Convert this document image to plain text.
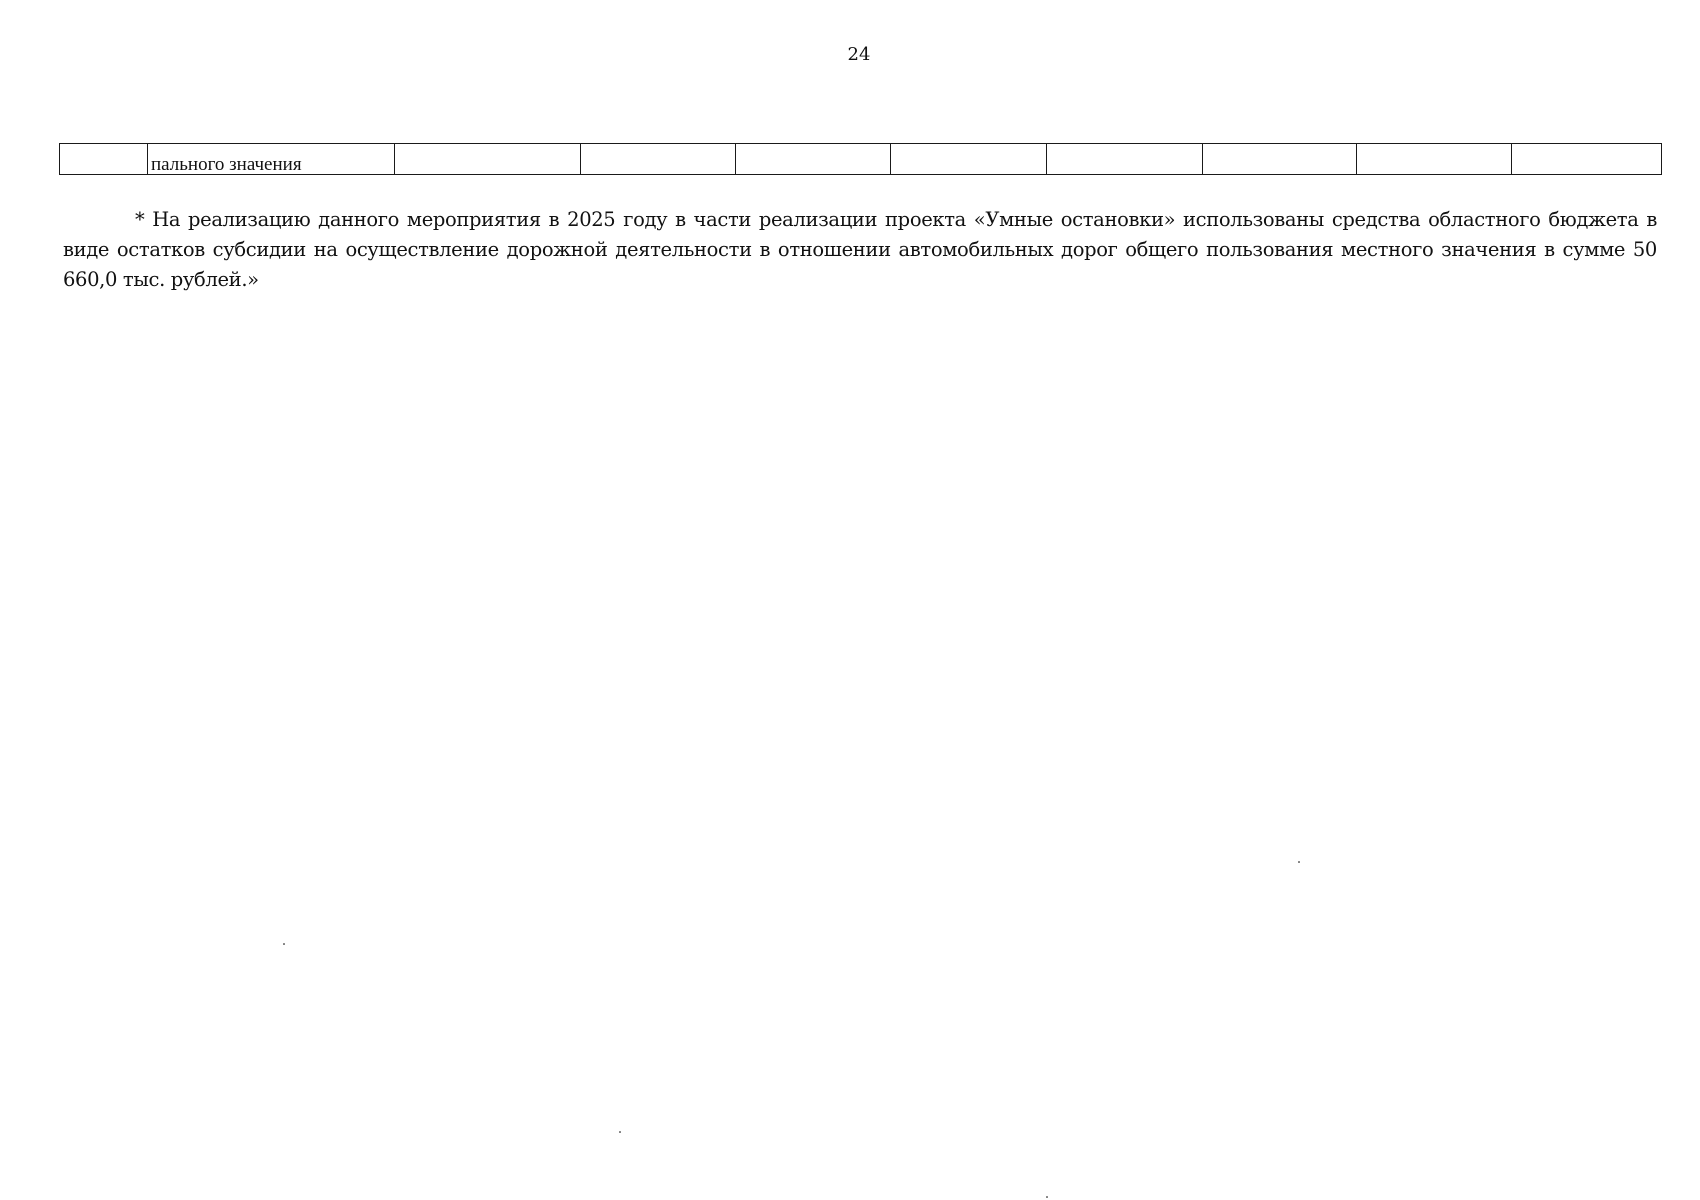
24
	пального значения								

* На реализацию данного мероприятия в 2025 году в части реализации проекта «Умные остановки» использованы средства областного бюджета в виде остатков субсидии на осуществление дорожной деятельности в отношении автомобильных дорог общего пользования местного значения в сумме 50 660,0 тыс. рублей.»
